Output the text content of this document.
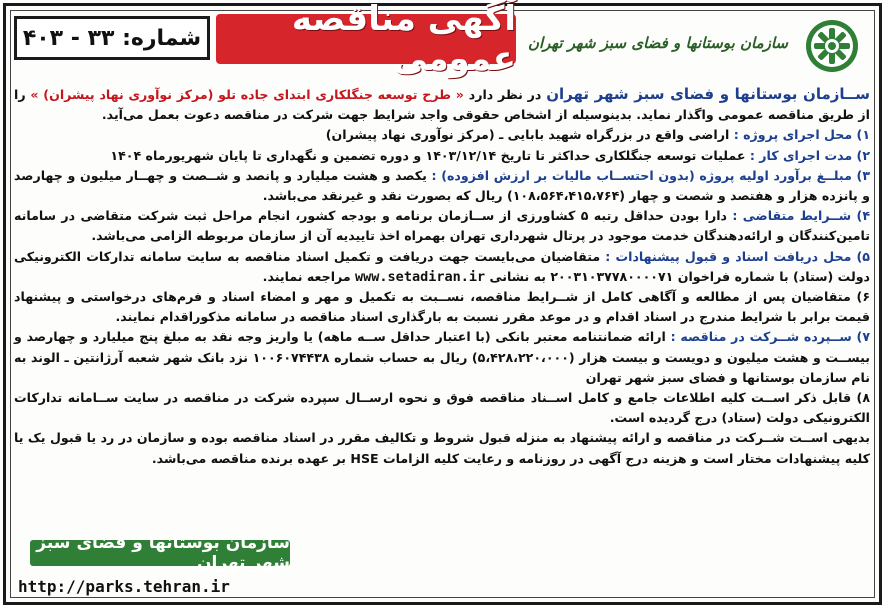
شماره: ۳۳ - ۴۰۳	آگهی مناقصه عمومی سازمان بوستانها و فضای سبز شهر تهران

ســازمان بوستانها و فضای سبز شهر تهران در نظر دارد « طرح توسعه جنگلکاری ابتدای جاده تلو (مرکز نوآوری نهاد پیشران) » را از طریق مناقصه عمومی واگذار نماید. بدینوسیله از اشخاص حقوقی واجد شرایط جهت شرکت در مناقصه دعوت بعمل می‌آید.

۱) محل اجرای پروژه : اراضی واقع در بزرگراه شهید بابایی ـ (مرکز نوآوری نهاد پیشران)

۲) مدت اجرای کار : عملیات توسعه جنگلکاری حداکثر تا تاریخ ۱۴۰۳/۱۲/۱۴ و دوره تضمین و نگهداری تا پایان شهریورماه ۱۴۰۴

۳) مبلــغ برآورد اولیه پروژه (بدون احتســاب مالیات بر ارزش افزوده) : یکصد و هشت میلیارد و پانصد و شــصت و چهــار میلیون و چهارصد و پانزده هزار و هفتصد و شصت و چهار (۱۰۸،۵۶۴،۴۱۵،۷۶۴) ریال که بصورت نقد و غیرنقد می‌باشد.

۴) شــرایط متقاضی : دارا بودن حداقل رتبه ۵ کشاورزی از ســازمان برنامه و بودجه کشور، انجام مراحل ثبت شرکت متقاضی در سامانه تامین‌کنندگان و ارائه‌دهندگان خدمت موجود در پرتال شهرداری تهران بهمراه اخذ تاییدیه آن از سازمان مربوطه الزامی می‌باشد.

۵) محل دریافت اسناد و قبول پیشنهادات : متقاضیان می‌بایست جهت دریافت و تکمیل اسناد مناقصه به سایت سامانه تدارکات الکترونیکی دولت (ستاد) با شماره فراخوان ۲۰۰۳۱۰۳۷۷۸۰۰۰۰۷۱ به نشانی www.setadiran.ir مراجعه نمایند.

۶) متقاضیان پس از مطالعه و آگاهی کامل از شــرایط مناقصه، نســبت به تکمیل و مهر و امضاء اسناد و فرم‌های درخواستی و پیشنهاد قیمت برابر با شرایط مندرج در اسناد اقدام و در موعد مقرر نسبت به بارگذاری اسناد مناقصه در سامانه مذکوراقدام نمایند.

۷) ســپرده شــرکت در مناقصه : ارائه ضمانتنامه معتبر بانکی (با اعتبار حداقل ســه ماهه) یا واریز وجه نقد به مبلغ پنج میلیارد و چهارصد و بیســت و هشت میلیون و دویست و بیست هزار (۵،۴۲۸،۲۲۰،۰۰۰) ریال به حساب شماره ۱۰۰۶۰۷۴۴۳۸ نزد بانک شهر شعبه آرژانتین ـ الوند به نام سازمان بوستانها و فضای سبز شهر تهران

۸) قابل ذکر اســت کلیه اطلاعات جامع و کامل اســناد مناقصه فوق و نحوه ارســال سپرده شرکت در مناقصه در سایت ســامانه تدارکات الکترونیکی دولت (ستاد) درج گردیده است.

بدیهی اســت شــرکت در مناقصه و ارائه پیشنهاد به منزله قبول شروط و تکالیف مقرر در اسناد مناقصه بوده و سازمان در رد یا قبول یک یا کلیه پیشنهادات مختار است و هزینه درج آگهی در روزنامه و رعایت کلیه الزامات HSE بر عهده برنده مناقصه می‌باشد.

سازمان بوستانها و فضای سبز شهر تهران
http://parks.tehran.ir
